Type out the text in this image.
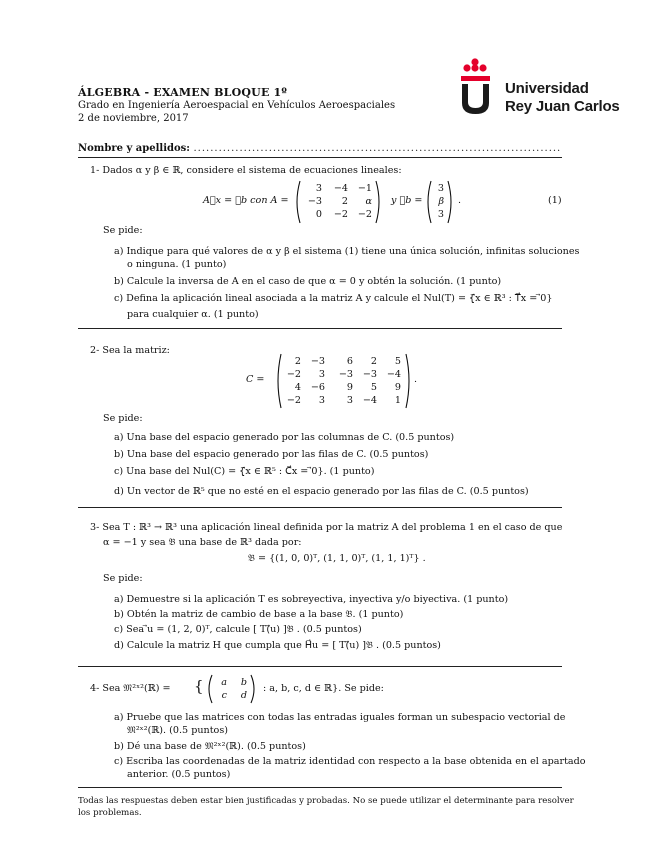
ÁLGEBRA - EXAMEN BLOQUE 1º
Grado en Ingeniería Aeroespacial en Vehículos Aeroespaciales
2 de noviembre, 2017
Universidad
Rey Juan Carlos
Nombre y apellidos: ........................................................................................
1- Dados α y β ∈ ℝ, considere el sistema de ecuaciones lineales:
A⃗x = ⃗b con A =
3	−4	−1
−3	2	α
0	−2	−2
y ⃗b =
3
β
3
.	(1)
Se pide:
a) Indique para qué valores de α y β el sistema (1) tiene una única solución, infinitas soluciones
o ninguna. (1 punto)
b) Calcule la inversa de A en el caso de que α = 0 y obtén la solución. (1 punto)
c) Defina la aplicación lineal asociada a la matriz A y calcule el Nul(T) = {⃗x ∈ ℝ³ : T⃗x = ⃗0}
para cualquier α. (1 punto)
2- Sea la matriz:
C =
2	−3	6	2	5
−2	3	−3	−3	−4
4	−6	9	5	9
−2	3	3	−4	1
.
Se pide:
a) Una base del espacio generado por las columnas de C. (0.5 puntos)
b) Una base del espacio generado por las filas de C. (0.5 puntos)
c) Una base del Nul(C) = {⃗x ∈ ℝ⁵ : C⃗x = ⃗0}. (1 punto)
d) Un vector de ℝ⁵ que no esté en el espacio generado por las filas de C. (0.5 puntos)
3- Sea T : ℝ³ → ℝ³ una aplicación lineal definida por la matriz A del problema 1 en el caso de que
α = −1 y sea 𝔅 una base de ℝ³ dada por:
𝔅 = {(1, 0, 0)ᵀ, (1, 1, 0)ᵀ, (1, 1, 1)ᵀ} .
Se pide:
a) Demuestre si la aplicación T es sobreyectiva, inyectiva y/o biyectiva. (1 punto)
b) Obtén la matriz de cambio de base a la base 𝔅. (1 punto)
c) Sea ⃗u = (1, 2, 0)ᵀ, calcule [ T(⃗u) ]𝔅 . (0.5 puntos)
d) Calcule la matriz H que cumpla que H⃗u = [ T(⃗u) ]𝔅 . (0.5 puntos)
4- Sea 𝔐²ˣ²(ℝ) = {	a	b
c	d
: a, b, c, d ∈ ℝ}. Se pide:
a) Pruebe que las matrices con todas las entradas iguales forman un subespacio vectorial de
𝔐²ˣ²(ℝ). (0.5 puntos)
b) Dé una base de 𝔐²ˣ²(ℝ). (0.5 puntos)
c) Escriba las coordenadas de la matriz identidad con respecto a la base obtenida en el apartado
anterior. (0.5 puntos)
Todas las respuestas deben estar bien justificadas y probadas. No se puede utilizar el determinante para resolver
los problemas.
